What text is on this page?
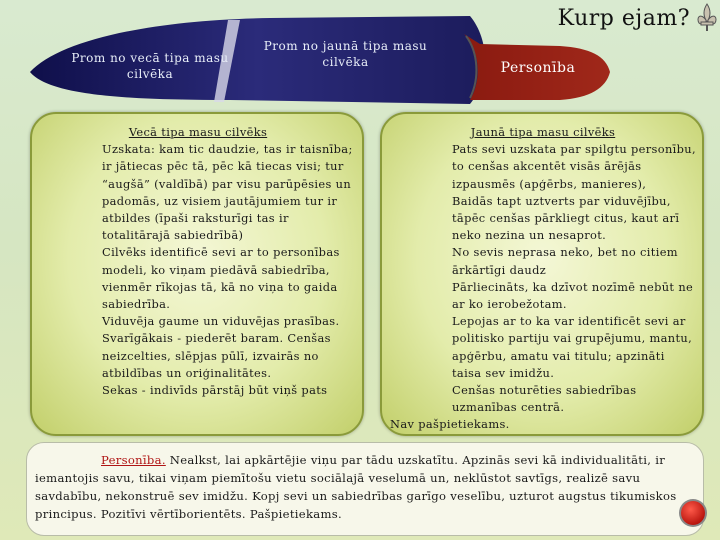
Prom no vecā tipa masu cilvēka
Prom no jaunā tipa masu cilvēka	Personība
Kurp ejam?

Vecā tipa masu cilvēks

Uzskata: kam tic daudzie, tas ir taisnība; ir jātiecas pēc tā, pēc kā tiecas visi; tur “augšā” (valdībā) par visu parūpēsies un padomās, uz visiem jautājumiem tur ir atbildes (īpaši raksturīgi tas ir totalitārajā sabiedrībā)

Cilvēks identificē sevi ar to personības modeli, ko viņam piedāvā sabiedrība, vienmēr rīkojas tā, kā no viņa to gaida sabiedrība.

Viduvēja gaume un viduvējas prasības.

Svarīgākais - piederēt baram. Cenšas neizcelties, slēpjas pūlī, izvairās no atbildības un oriģinalitātes.

Sekas - indivīds pārstāj būt viņš pats

Jaunā tipa masu cilvēks

Pats sevi uzskata par spilgtu personību, to cenšas akcentēt visās ārējās izpausmēs (apģērbs, manieres),

Baidās tapt uztverts par viduvējību, tāpēc cenšas pārkliegt citus, kaut arī neko nezina un nesaprot.

No sevis neprasa neko, bet no citiem ārkārtīgi daudz

Pārliecināts, ka dzīvot nozīmē nebūt ne ar ko ierobežotam.

Lepojas ar to ka var identificēt sevi ar politisko partiju vai grupējumu, mantu, apģērbu, amatu vai titulu; apzināti taisa sev imidžu.

Cenšas noturēties sabiedrības uzmanības centrā.

Nav pašpietiekams.

Personība. Nealkst, lai apkārtējie viņu par tādu uzskatītu. Apzinās sevi kā individualitāti, ir iemantojis savu, tikai viņam piemītošu vietu sociālajā veselumā un, neklūstot savtīgs, realizē savu savdabību, nekonstruē sev imidžu. Kopj sevi un sabiedrības garīgo veselību, uzturot augstus tikumiskos principus. Pozitīvi vērtīborientēts. Pašpietiekams.
